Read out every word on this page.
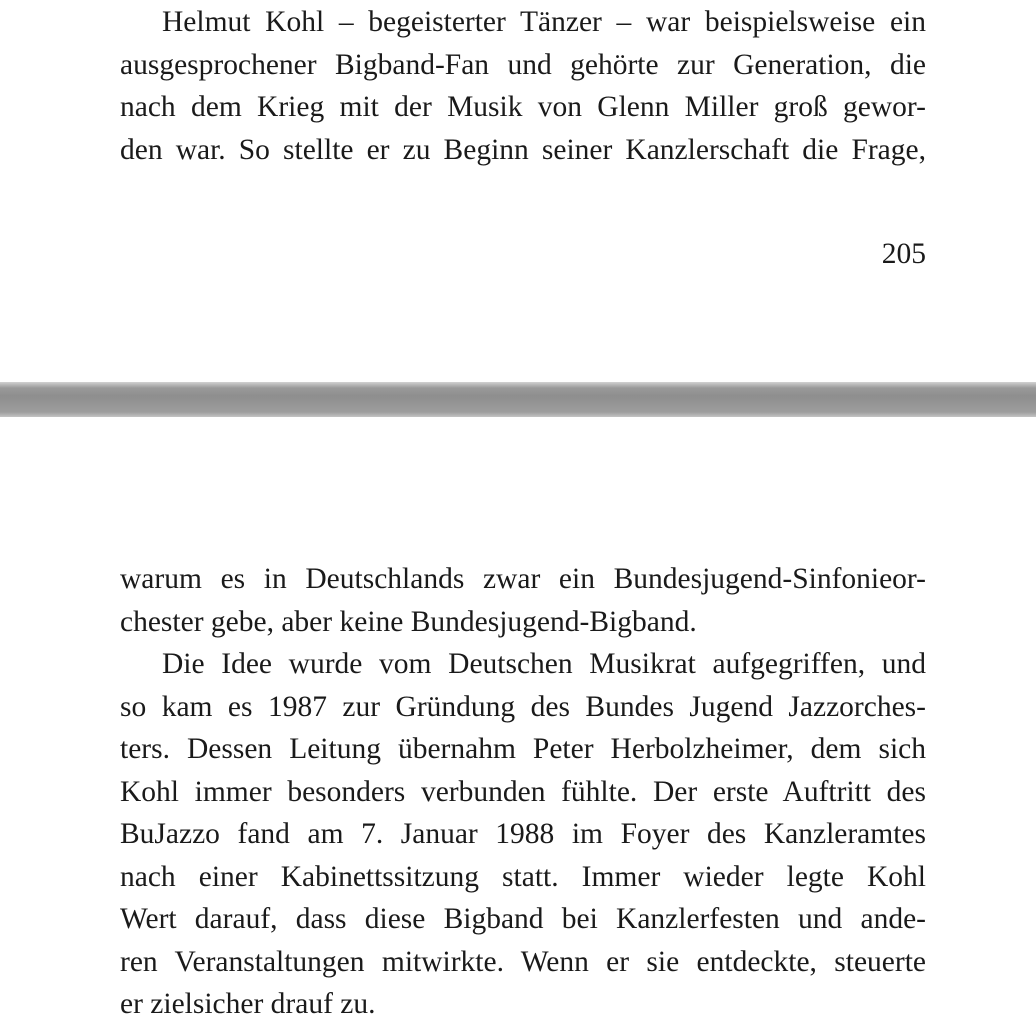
Helmut Kohl – begeisterter Tänzer – war beispielsweise ein
ausgesprochener Bigband-Fan und gehörte zur Generation, die
nach dem Krieg mit der Musik von Glenn Miller groß gewor-
den war. So stellte er zu Beginn seiner Kanzlerschaft die Frage,
205
warum es in Deutschlands zwar ein Bundesjugend-Sinfonieor-
chester gebe, aber keine Bundesjugend-Bigband.
Die Idee wurde vom Deutschen Musikrat aufgegriffen, und
so kam es 1987 zur Gründung des Bundes Jugend Jazzorches-
ters. Dessen Leitung übernahm Peter Herbolzheimer, dem sich
Kohl immer besonders verbunden fühlte. Der erste Auftritt des
BuJazzo fand am 7. Januar 1988 im Foyer des Kanzleramtes
nach einer Kabinettssitzung statt. Immer wieder legte Kohl
Wert darauf, dass diese Bigband bei Kanzlerfesten und ande-
ren Veranstaltungen mitwirkte. Wenn er sie entdeckte, steuerte
er zielsicher drauf zu.
